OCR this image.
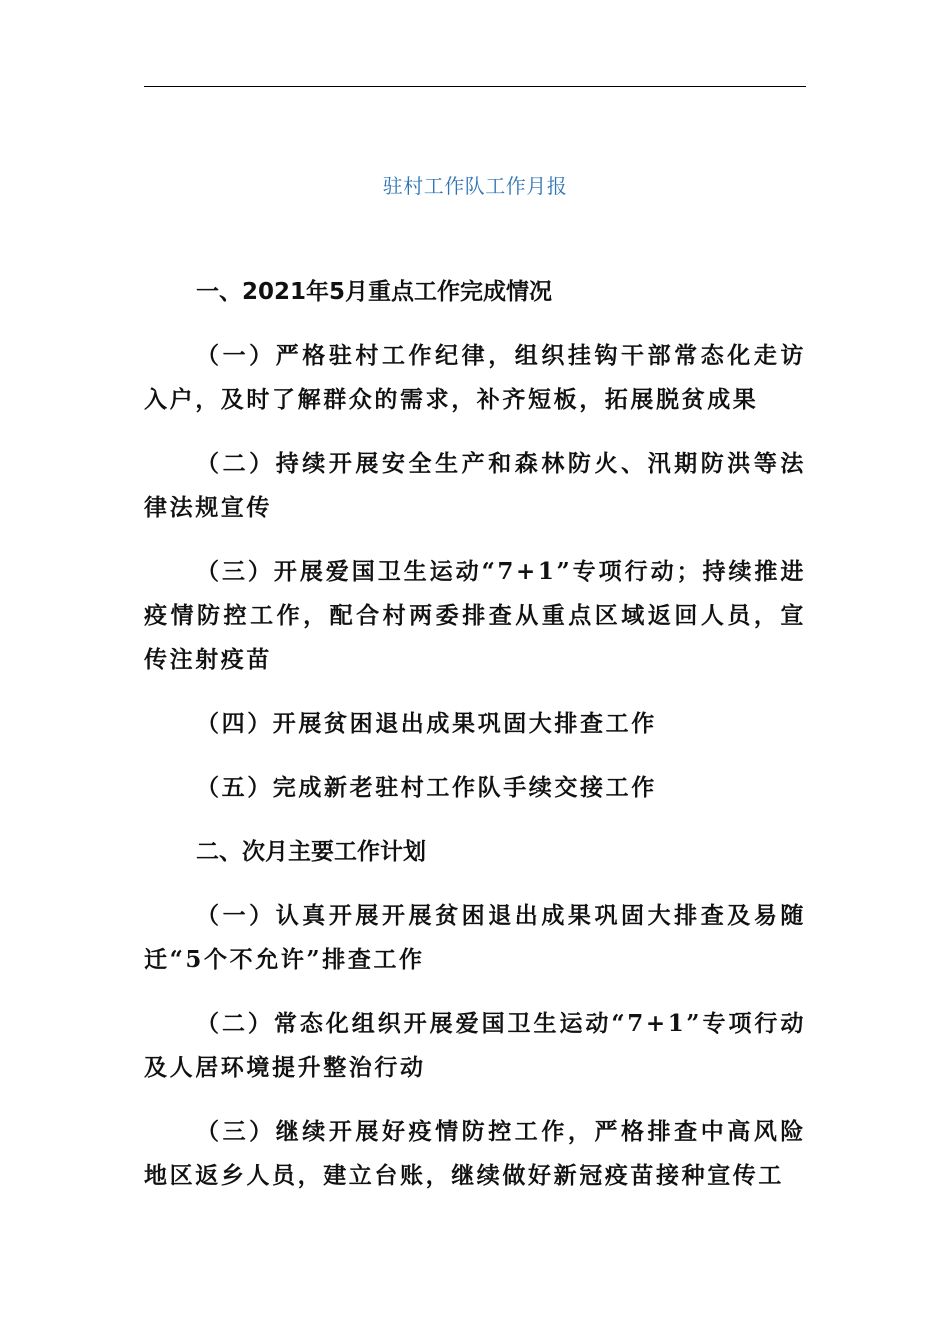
驻村工作队工作月报

一、2021年5月重点工作完成情况

（一）严格驻村工作纪律，组织挂钩干部常态化走访入户，及时了解群众的需求，补齐短板，拓展脱贫成果

（二）持续开展安全生产和森林防火、汛期防洪等法律法规宣传

（三）开展爱国卫生运动“7+1”专项行动；持续推进疫情防控工作，配合村两委排查从重点区域返回人员，宣传注射疫苗

（四）开展贫困退出成果巩固大排查工作

（五）完成新老驻村工作队手续交接工作

二、次月主要工作计划

（一）认真开展开展贫困退出成果巩固大排查及易随迁“5个不允许”排查工作

（二）常态化组织开展爱国卫生运动“7+1”专项行动及人居环境提升整治行动

（三）继续开展好疫情防控工作，严格排查中高风险地区返乡人员，建立台账，继续做好新冠疫苗接种宣传工
